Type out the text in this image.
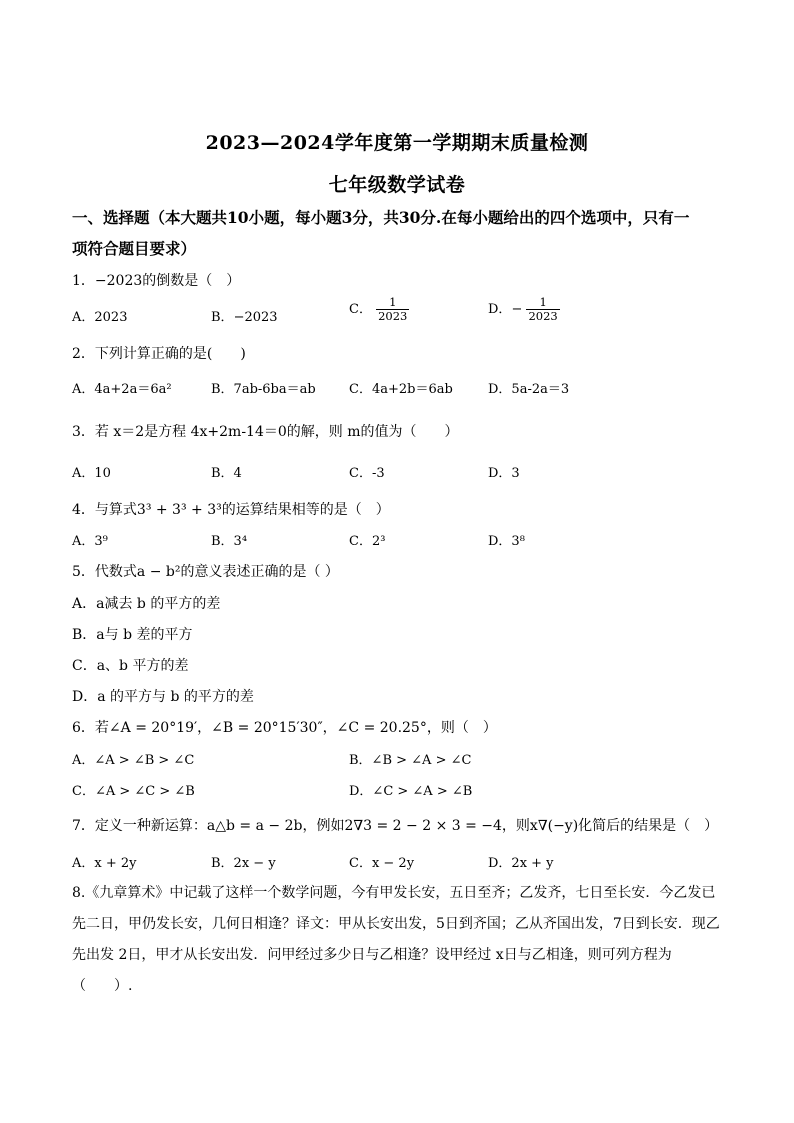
2023—2024学年度第一学期期末质量检测
七年级数学试卷
一、选择题（本大题共10小题，每小题3分，共30分.在每小题给出的四个选项中，只有一
项符合题目要求）
1．−2023的倒数是（　）
A．2023	B．−2023
C． $\frac{1}{2023}$	D．− $\frac{1}{2023}$
2．下列计算正确的是(　　)
A．4a+2a＝6a²	B．7ab-6ba＝ab	C．4a+2b＝6ab	D．5a-2a＝3
3．若 x＝2是方程 4x+2m-14＝0的解，则 m的值为（　　）
A．10	B．4	C．-3	D．3
4．与算式3³ + 3³ + 3³的运算结果相等的是（　）
A．3⁹	B．3⁴	C．2³	D．3⁸
5．代数式a − b²的意义表述正确的是（ ）
A．a减去 b 的平方的差
B．a与 b 差的平方
C．a、b 平方的差
D．a 的平方与 b 的平方的差
6．若∠A = 20°19′，∠B = 20°15′30″，∠C = 20.25°，则（　）
A．∠A > ∠B > ∠C	B．∠B > ∠A > ∠C
C．∠A > ∠C > ∠B	D．∠C > ∠A > ∠B
7．定义一种新运算：a△b = a − 2b，例如2∇3 = 2 − 2 × 3 = −4，则x∇(−y)化简后的结果是（　）
A．x + 2y	B．2x − y	C．x − 2y	D．2x + y
8.《九章算术》中记载了这样一个数学问题，今有甲发长安，五日至齐；乙发齐，七日至长安．今乙发已先二日，甲仍发长安，几何日相逢？译文：甲从长安出发，5日到齐国；乙从齐国出发，7日到长安．现乙先出发 2日，甲才从长安出发．问甲经过多少日与乙相逢？设甲经过 x日与乙相逢，则可列方程为（　　）.
